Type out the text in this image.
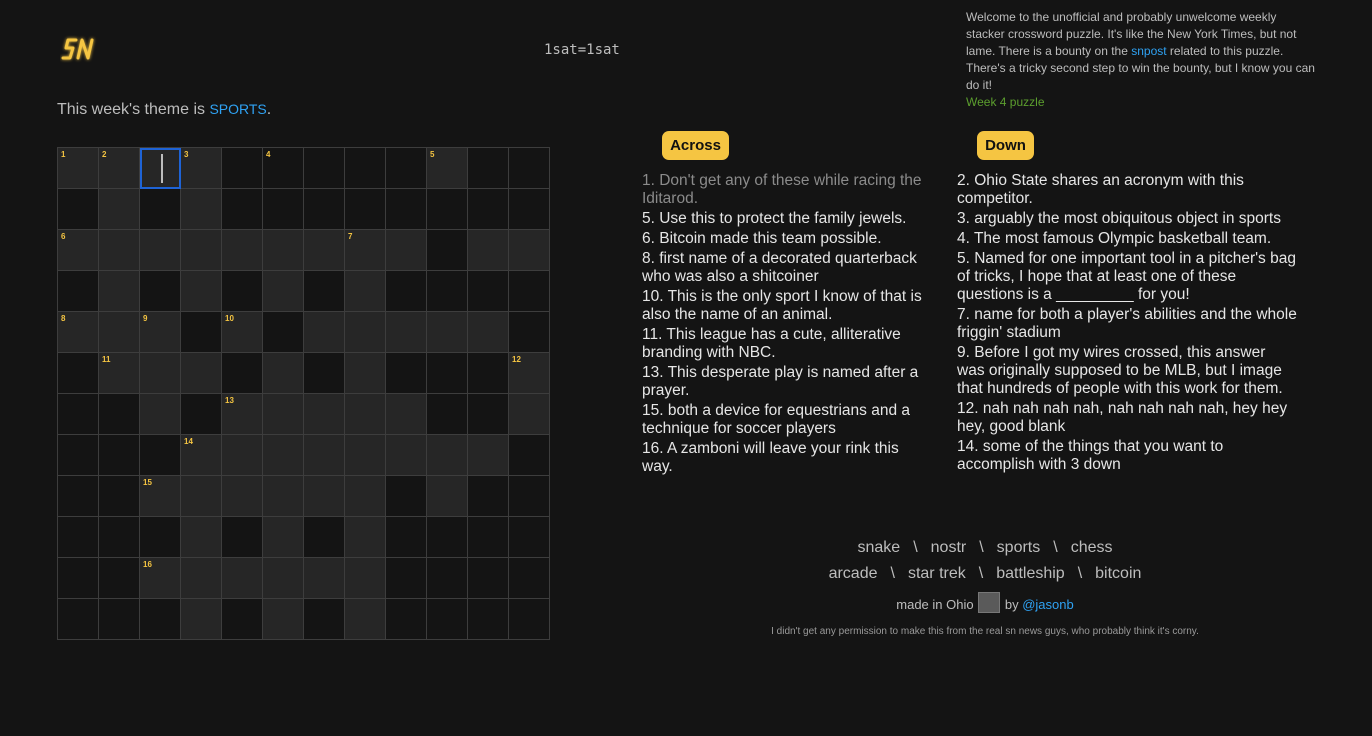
1sat=1sat
Welcome to the unofficial and probably unwelcome weekly stacker crossword puzzle. It's like the New York Times, but not lame. There is a bounty on the snpost related to this puzzle. There's a tricky second step to win the bounty, but I know you can do it!
Week 4 puzzle
This week's theme is SPORTS.
1	2	3	4	5
6	7
8	9	10
11	12
13
14
15
16
Across	Down
1. Don't get any of these while racing the Iditarod.
5. Use this to protect the family jewels.
6. Bitcoin made this team possible.
8. first name of a decorated quarterback who was also a shitcoiner
10. This is the only sport I know of that is also the name of an animal.
11. This league has a cute, alliterative branding with NBC.
13. This desperate play is named after a prayer.
15. both a device for equestrians and a technique for soccer players
16. A zamboni will leave your rink this way.
2. Ohio State shares an acronym with this competitor.
3. arguably the most obiquitous object in sports
4. The most famous Olympic basketball team.
5. Named for one important tool in a pitcher's bag of tricks, I hope that at least one of these questions is a _________ for you!
7. name for both a player's abilities and the whole friggin' stadium
9. Before I got my wires crossed, this answer was originally supposed to be MLB, but I image that hundreds of people with this work for them.
12. nah nah nah nah, nah nah nah nah, hey hey hey, good blank
14. some of the things that you want to accomplish with 3 down
snake \ nostr \ sports \ chess
arcade \ star trek \ battleship \ bitcoin
made in Ohio by @jasonb
I didn't get any permission to make this from the real sn news guys, who probably think it's corny.
